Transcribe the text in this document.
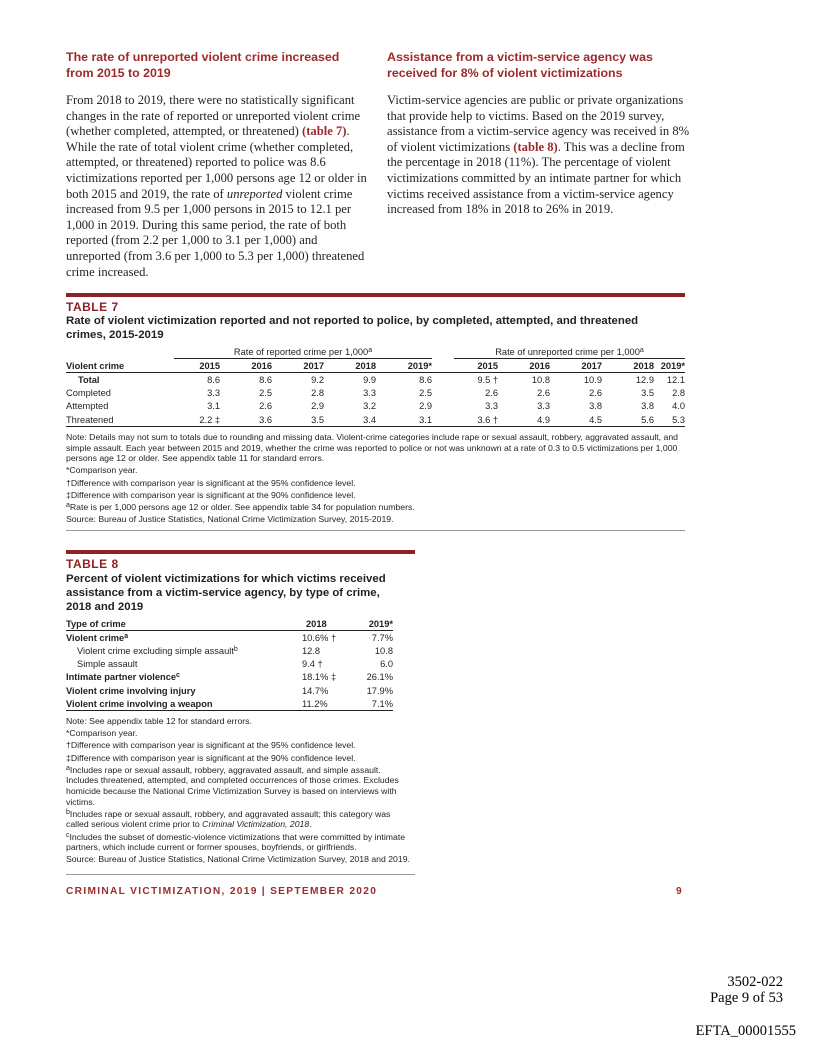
The rate of unreported violent crime increased from 2015 to 2019
From 2018 to 2019, there were no statistically significant changes in the rate of reported or unreported violent crime (whether completed, attempted, or threatened) (table 7). While the rate of total violent crime (whether completed, attempted, or threatened) reported to police was 8.6 victimizations reported per 1,000 persons age 12 or older in both 2015 and 2019, the rate of unreported violent crime increased from 9.5 per 1,000 persons in 2015 to 12.1 per 1,000 in 2019. During this same period, the rate of both reported (from 2.2 per 1,000 to 3.1 per 1,000) and unreported (from 3.6 per 1,000 to 5.3 per 1,000) threatened crime increased.
Assistance from a victim-service agency was received for 8% of violent victimizations
Victim-service agencies are public or private organizations that provide help to victims. Based on the 2019 survey, assistance from a victim-service agency was received in 8% of violent victimizations (table 8). This was a decline from the percentage in 2018 (11%). The percentage of violent victimizations committed by an intimate partner for which victims received assistance from a victim-service agency increased from 18% in 2018 to 26% in 2019.
TABLE 7
Rate of violent victimization reported and not reported to police, by completed, attempted, and threatened crimes, 2015-2019
	Rate of reported crime per 1,000$^a$						Rate of unreported crime per 1,000$^a$
Violent crime	2015	2016	2017	2018	2019*		2015	2016	2017	2018	2019*
Total	8.6	8.6	9.2	9.9	8.6		9.5 †	10.8	10.9	12.9	12.1
Completed	3.3	2.5	2.8	3.3	2.5		2.6	2.6	2.6	3.5	2.8
Attempted	3.1	2.6	2.9	3.2	2.9		3.3	3.3	3.8	3.8	4.0
Threatened	2.2 ‡	3.6	3.5	3.4	3.1		3.6 †	4.9	4.5	5.6	5.3
Note: Details may not sum to totals due to rounding and missing data. Violent-crime categories include rape or sexual assault, robbery, aggravated assault, and simple assault. Each year between 2015 and 2019, whether the crime was reported to police or not was unknown at a rate of 0.3 to 0.5 victimizations per 1,000 persons age 12 or older. See appendix table 11 for standard errors.
*Comparison year.
†Difference with comparison year is significant at the 95% confidence level.
‡Difference with comparison year is significant at the 90% confidence level.
$^a$Rate is per 1,000 persons age 12 or older. See appendix table 34 for population numbers.
Source: Bureau of Justice Statistics, National Crime Victimization Survey, 2015-2019.
TABLE 8
Percent of violent victimizations for which victims received assistance from a victim-service agency, by type of crime, 2018 and 2019
Type of crime	2018	2019*
Violent crime$^a$	10.6% †	7.7%
Violent crime excluding simple assault$^b$	12.8	10.8
Simple assault	9.4 †	6.0
Intimate partner violence$^c$	18.1% ‡	26.1%
Violent crime involving injury	14.7%	17.9%
Violent crime involving a weapon	11.2%	7.1%
Note: See appendix table 12 for standard errors.
*Comparison year.
†Difference with comparison year is significant at the 95% confidence level.
‡Difference with comparison year is significant at the 90% confidence level.
$^a$Includes rape or sexual assault, robbery, aggravated assault, and simple assault. Includes threatened, attempted, and completed occurrences of those crimes. Excludes homicide because the National Crime Victimization Survey is based on interviews with victims.
$^b$Includes rape or sexual assault, robbery, and aggravated assault; this category was called serious violent crime prior to Criminal Victimization, 2018.
$^c$Includes the subset of domestic-violence victimizations that were committed by intimate partners, which include current or former spouses, boyfriends, or girlfriends.
Source: Bureau of Justice Statistics, National Crime Victimization Survey, 2018 and 2019.
CRIMINAL VICTIMIZATION, 2019 | SEPTEMBER 2020	9
3502-022
Page 9 of 53
EFTA_00001555
